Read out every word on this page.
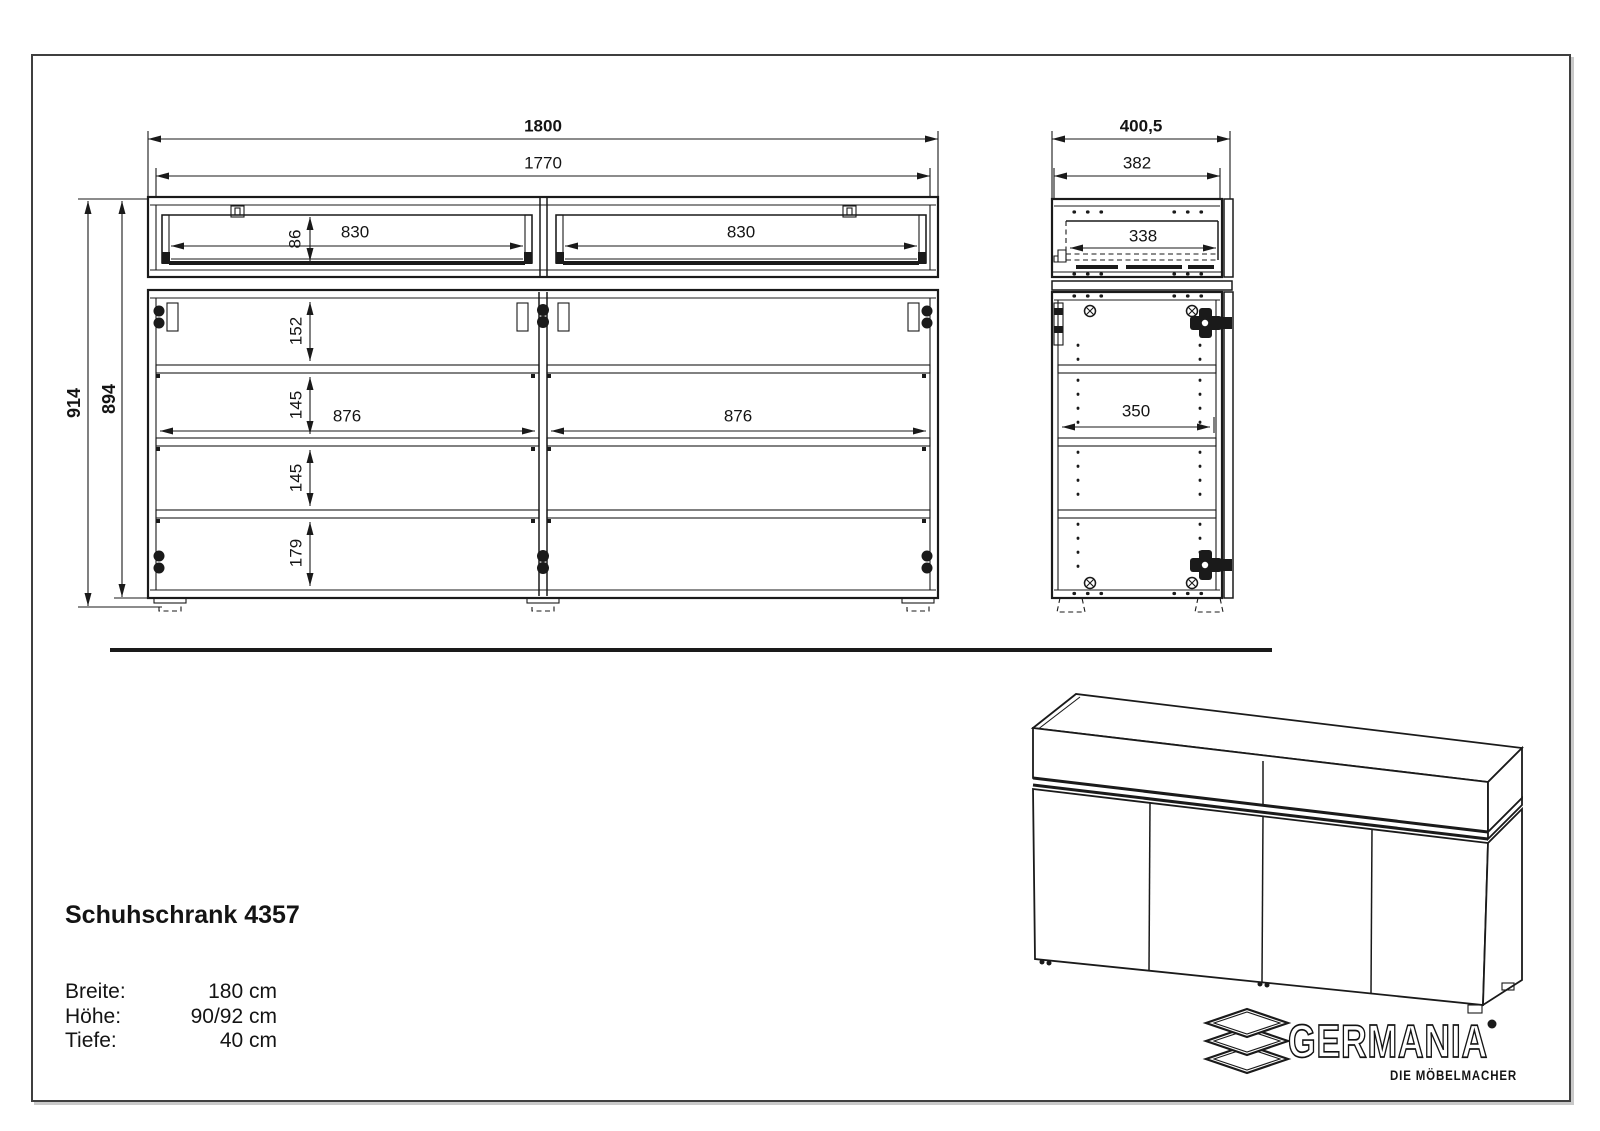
GERMANIA
DIE MÖBELMACHER
1800
1770
830	830
86
914 894
152
145
145
179
876	876
400,5
382
338
350
Schuhschrank 4357
Breite:	180 cm
Höhe:	90/92 cm
Tiefe:	40 cm
